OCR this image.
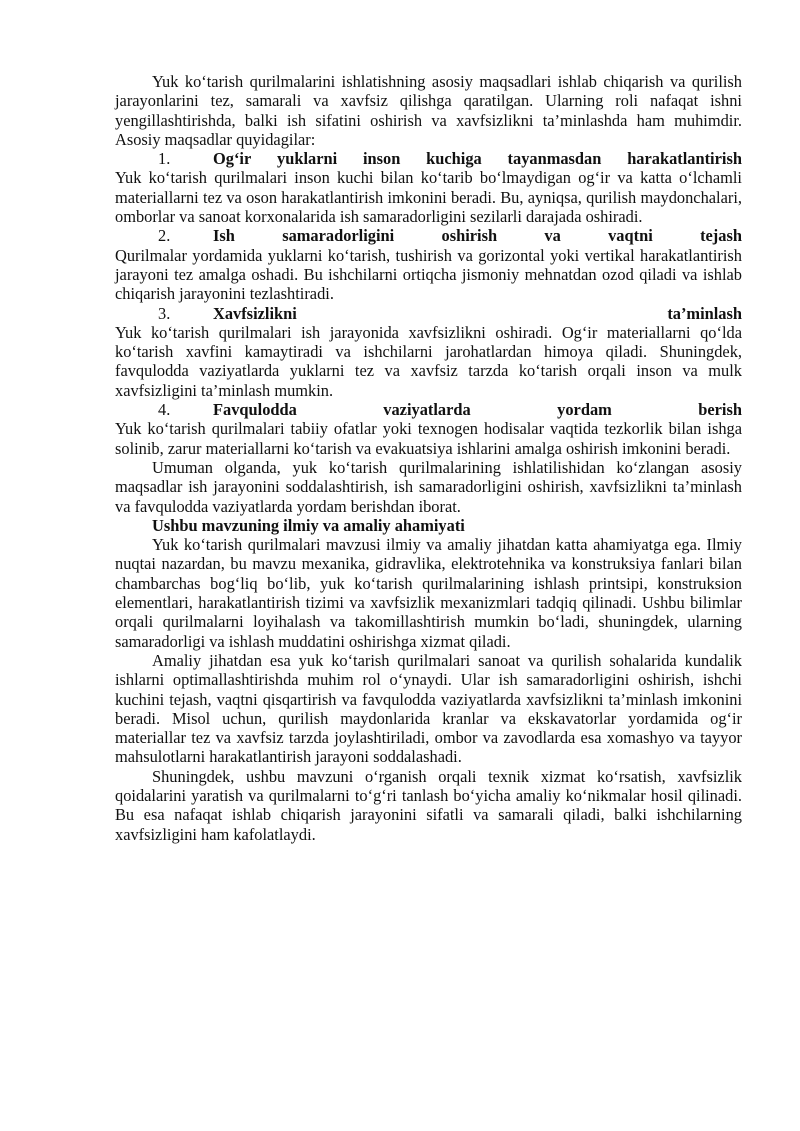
Yuk ko‘tarish qurilmalarini ishlatishning asosiy maqsadlari ishlab chiqarish va qurilish jarayonlarini tez, samarali va xavfsiz qilishga qaratilgan. Ularning roli nafaqat ishni yengillashtirishda, balki ish sifatini oshirish va xavfsizlikni ta’minlashda ham muhimdir. Asosiy maqsadlar quyidagilar:

1.	Og‘ir yuklarni inson kuchiga tayanmasdan harakatlantirish

Yuk ko‘tarish qurilmalari inson kuchi bilan ko‘tarib bo‘lmaydigan og‘ir va katta o‘lchamli materiallarni tez va oson harakatlantirish imkonini beradi. Bu, ayniqsa, qurilish maydonchalari, omborlar va sanoat korxonalarida ish samaradorligini sezilarli darajada oshiradi.

2.	Ish	samaradorligini	oshirish	va	vaqtni	tejash

Qurilmalar yordamida yuklarni ko‘tarish, tushirish va gorizontal yoki vertikal harakatlantirish jarayoni tez amalga oshadi. Bu ishchilarni ortiqcha jismoniy mehnatdan ozod qiladi va ishlab chiqarish jarayonini tezlashtiradi.

3.	Xavfsizlikni	ta’minlash

Yuk ko‘tarish qurilmalari ish jarayonida xavfsizlikni oshiradi. Og‘ir materiallarni qo‘lda ko‘tarish xavfini kamaytiradi va ishchilarni jarohatlardan himoya qiladi. Shuningdek, favqulodda vaziyatlarda yuklarni tez va xavfsiz tarzda ko‘tarish orqali inson va mulk xavfsizligini ta’minlash mumkin.

4.	Favqulodda	vaziyatlarda	yordam	berish

Yuk ko‘tarish qurilmalari tabiiy ofatlar yoki texnogen hodisalar vaqtida tezkorlik bilan ishga solinib, zarur materiallarni ko‘tarish va evakuatsiya ishlarini amalga oshirish imkonini beradi.

Umuman olganda, yuk ko‘tarish qurilmalarining ishlatilishidan ko‘zlangan asosiy maqsadlar ish jarayonini soddalashtirish, ish samaradorligini oshirish, xavfsizlikni ta’minlash va favqulodda vaziyatlarda yordam berishdan iborat.

Ushbu mavzuning ilmiy va amaliy ahamiyati

Yuk ko‘tarish qurilmalari mavzusi ilmiy va amaliy jihatdan katta ahamiyatga ega. Ilmiy nuqtai nazardan, bu mavzu mexanika, gidravlika, elektrotehnika va konstruksiya fanlari bilan chambarchas bog‘liq bo‘lib, yuk ko‘tarish qurilmalarining ishlash printsipi, konstruksion elementlari, harakatlantirish tizimi va xavfsizlik mexanizmlari tadqiq qilinadi. Ushbu bilimlar orqali qurilmalarni loyihalash va takomillashtirish mumkin bo‘ladi, shuningdek, ularning samaradorligi va ishlash muddatini oshirishga xizmat qiladi.

Amaliy jihatdan esa yuk ko‘tarish qurilmalari sanoat va qurilish sohalarida kundalik ishlarni optimallashtirishda muhim rol o‘ynaydi. Ular ish samaradorligini oshirish, ishchi kuchini tejash, vaqtni qisqartirish va favqulodda vaziyatlarda xavfsizlikni ta’minlash imkonini beradi. Misol uchun, qurilish maydonlarida kranlar va ekskavatorlar yordamida og‘ir materiallar tez va xavfsiz tarzda joylashtiriladi, ombor va zavodlarda esa xomashyo va tayyor mahsulotlarni harakatlantirish jarayoni soddalashadi.

Shuningdek, ushbu mavzuni o‘rganish orqali texnik xizmat ko‘rsatish, xavfsizlik qoidalarini yaratish va qurilmalarni to‘g‘ri tanlash bo‘yicha amaliy ko‘nikmalar hosil qilinadi. Bu esa nafaqat ishlab chiqarish jarayonini sifatli va samarali qiladi, balki ishchilarning xavfsizligini ham kafolatlaydi.
